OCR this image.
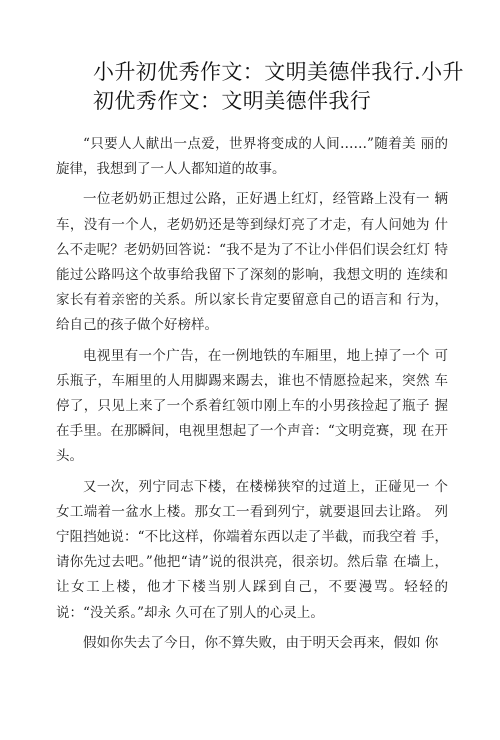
小升初优秀作文：文明美德伴我行.小升初优秀作文：文明美德伴我行

“只要人人献出一点爱，世界将变成的人间……”随着美 丽的旋律，我想到了一人人都知道的故事。

一位老奶奶正想过公路，正好遇上红灯，经管路上没有一 辆车，没有一个人，老奶奶还是等到绿灯亮了才走，有人问她为 什么不走呢？老奶奶回答说：“我不是为了不让小伴侣们误会红灯 特能过公路吗这个故事给我留下了深刻的影响，我想文明的 连续和家长有着亲密的关系。所以家长肯定要留意自己的语言和 行为，给自己的孩子做个好榜样。

电视里有一个广告，在一例地铁的车厢里，地上掉了一个 可乐瓶子，车厢里的人用脚踢来踢去，谁也不情愿捡起来，突然 车停了，只见上来了一个系着红领巾刚上车的小男孩捡起了瓶子 握在手里。在那瞬间，电视里想起了一个声音：“文明竞赛，现 在开头。

又一次，列宁同志下楼，在楼梯狭窄的过道上，正碰见一 个女工端着一盆水上楼。那女工一看到列宁，就要退回去让路。 列宁阻挡她说：“不比这样，你端着东西以走了半截，而我空着 手，请你先过去吧。”他把“请”说的很洪亮，很亲切。然后靠 在墙上，让女工上楼，他才下楼当别人踩到自己，不要漫骂。轻轻的说：“没关系。”却永 久可在了别人的心灵上。

假如你失去了今日，你不算失败，由于明天会再来，假如 你
